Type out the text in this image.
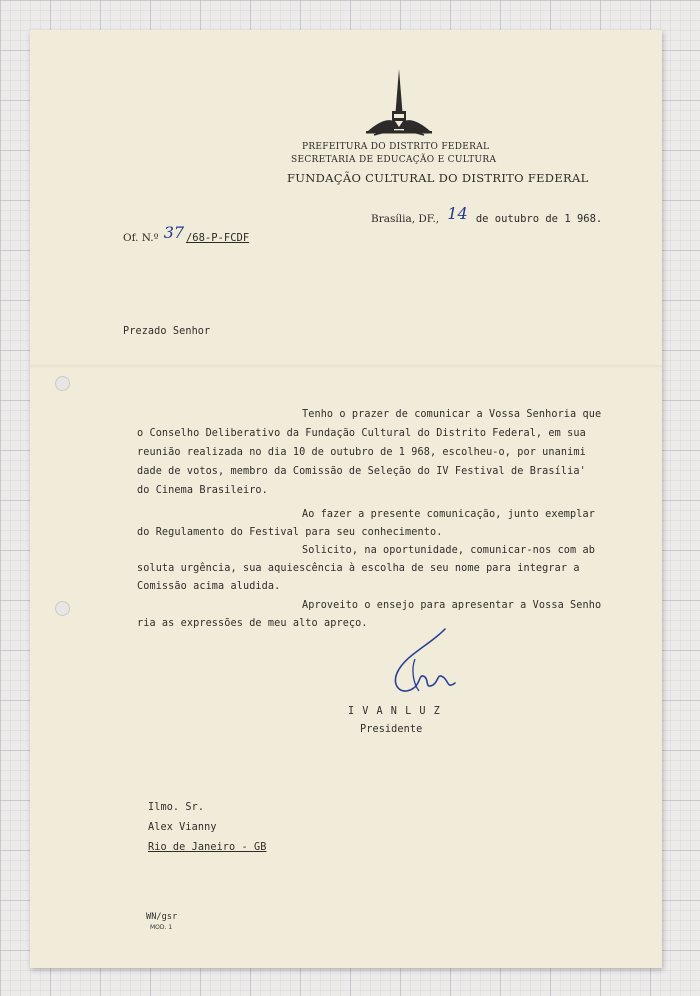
PREFEITURA DO DISTRITO FEDERAL
SECRETARIA DE EDUCAÇÃO E CULTURA
FUNDAÇÃO CULTURAL DO DISTRITO FEDERAL
Brasília, DF., 14 de outubro de 1 968.
Of. N.º 37 /68-P-FCDF
Prezado Senhor
Tenho o prazer de comunicar a Vossa Senhoria que
o Conselho Deliberativo da Fundação Cultural do Distrito Federal, em sua
reunião realizada no dia 10 de outubro de 1 968, escolheu-o, por unanimi
dade de votos, membro da Comissão de Seleção do IV Festival de Brasília'
do Cinema Brasileiro.
Ao fazer a presente comunicação, junto exemplar
do Regulamento do Festival para seu conhecimento.
Solicito, na oportunidade, comunicar-nos com ab
soluta urgência, sua aquiescência à escolha de seu nome para integrar a
Comissão acima aludida.
Aproveito o ensejo para apresentar a Vossa Senho
ria as expressões de meu alto apreço.
I V A N L U Z
Presidente
Ilmo. Sr.
Alex Vianny
Rio de Janeiro - GB
WN/gsr
MOD. 1
